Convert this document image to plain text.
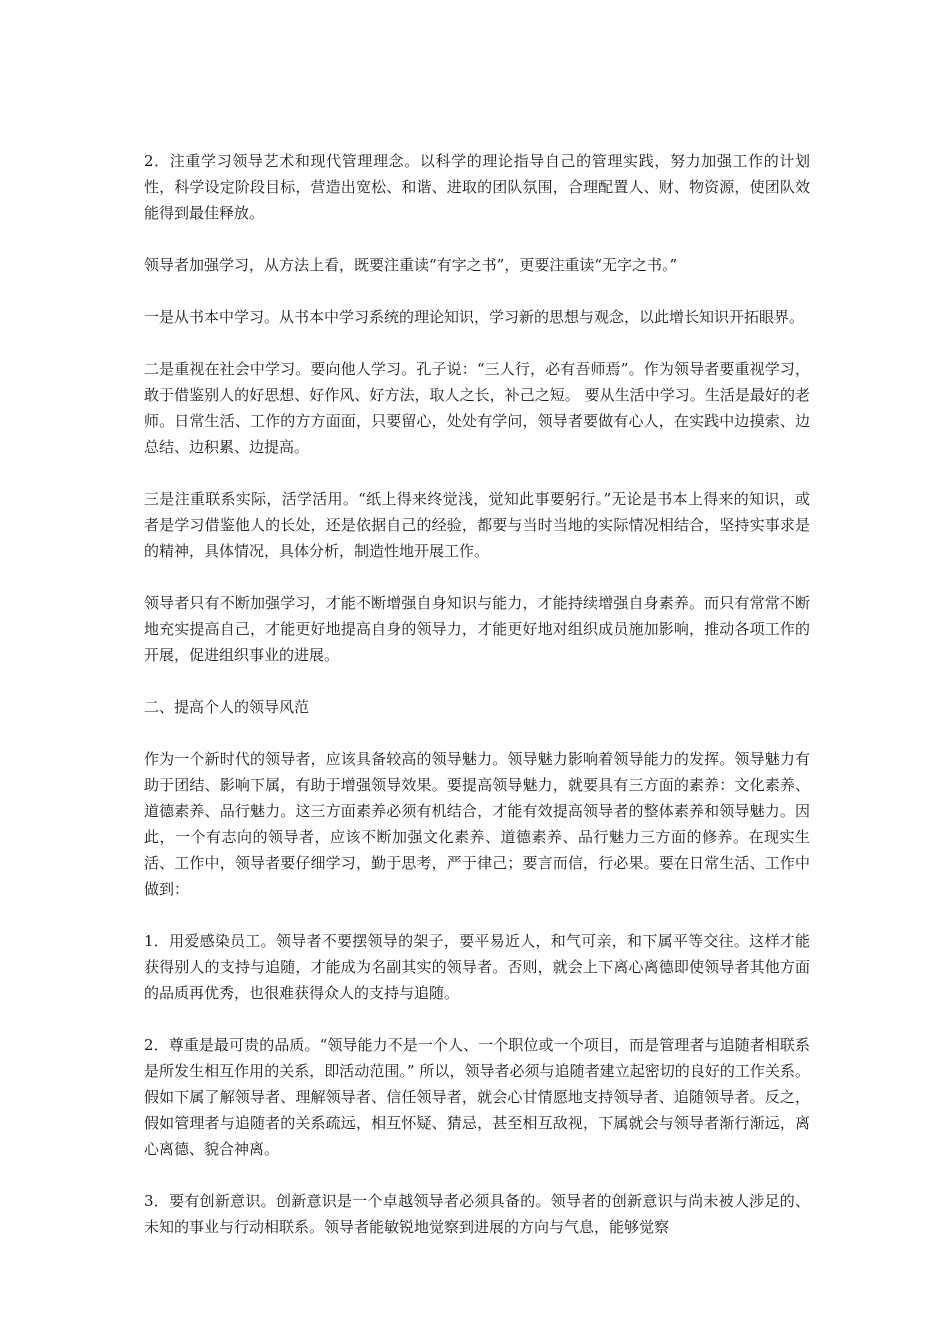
2．注重学习领导艺术和现代管理理念。以科学的理论指导自己的管理实践，努力加强工作的计划性，科学设定阶段目标，营造出宽松、和谐、进取的团队氛围，合理配置人、财、物资源，使团队效能得到最佳释放。

领导者加强学习，从方法上看，既要注重读“有字之书”，更要注重读“无字之书。”

一是从书本中学习。从书本中学习系统的理论知识，学习新的思想与观念，以此增长知识开拓眼界。

二是重视在社会中学习。要向他人学习。孔子说：“三人行，必有吾师焉”。作为领导者要重视学习，敢于借鉴别人的好思想、好作风、好方法，取人之长，补己之短。 要从生活中学习。生活是最好的老师。日常生活、工作的方方面面，只要留心，处处有学问，领导者要做有心人，在实践中边摸索、边总结、边积累、边提高。

三是注重联系实际，活学活用。“纸上得来终觉浅，觉知此事要躬行。”无论是书本上得来的知识，或者是学习借鉴他人的长处，还是依据自己的经验，都要与当时当地的实际情况相结合，坚持实事求是的精神，具体情况，具体分析，制造性地开展工作。

领导者只有不断加强学习，才能不断增强自身知识与能力，才能持续增强自身素养。而只有常常不断地充实提高自己，才能更好地提高自身的领导力，才能更好地对组织成员施加影响，推动各项工作的开展，促进组织事业的进展。

二、提高个人的领导风范

作为一个新时代的领导者，应该具备较高的领导魅力。领导魅力影响着领导能力的发挥。领导魅力有助于团结、影响下属，有助于增强领导效果。要提高领导魅力，就要具有三方面的素养：文化素养、道德素养、品行魅力。这三方面素养必须有机结合，才能有效提高领导者的整体素养和领导魅力。因此，一个有志向的领导者，应该不断加强文化素养、道德素养、品行魅力三方面的修养。在现实生活、工作中，领导者要仔细学习，勤于思考，严于律己；要言而信，行必果。要在日常生活、工作中做到：

1．用爱感染员工。领导者不要摆领导的架子，要平易近人，和气可亲，和下属平等交往。这样才能获得别人的支持与追随，才能成为名副其实的领导者。否则，就会上下离心离德即使领导者其他方面的品质再优秀，也很难获得众人的支持与追随。

2．尊重是最可贵的品质。“领导能力不是一个人、一个职位或一个项目，而是管理者与追随者相联系是所发生相互作用的关系，即活动范围。” 所以，领导者必须与追随者建立起密切的良好的工作关系。假如下属了解领导者、理解领导者、信任领导者，就会心甘情愿地支持领导者、追随领导者。反之，假如管理者与追随者的关系疏远，相互怀疑、猜忌，甚至相互敌视，下属就会与领导者渐行渐远，离心离德、貌合神离。

3．要有创新意识。创新意识是一个卓越领导者必须具备的。领导者的创新意识与尚未被人涉足的、未知的事业与行动相联系。领导者能敏锐地觉察到进展的方向与气息，能够觉察
